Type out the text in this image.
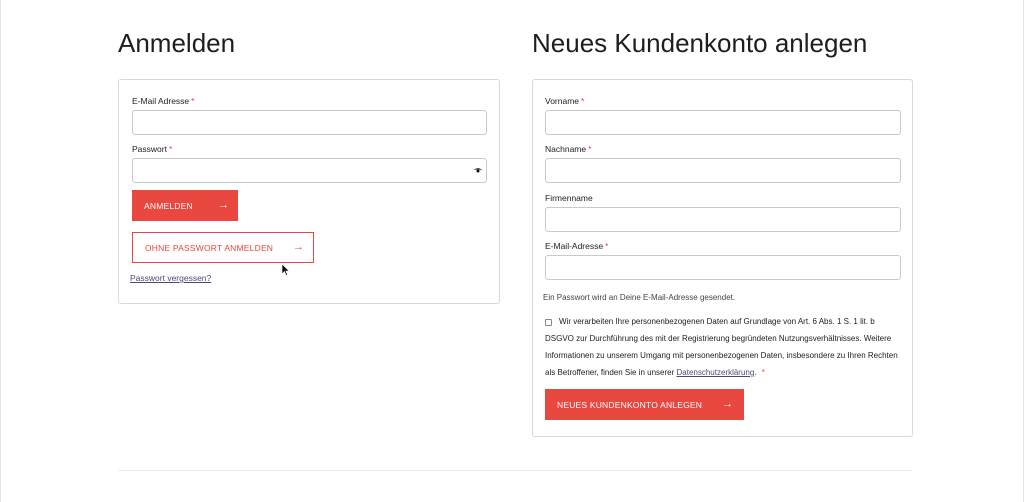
Anmelden
E-Mail Adresse *
Passwort *
ANMELDEN →
OHNE PASSWORT ANMELDEN →
Passwort vergessen?
Neues Kundenkonto anlegen
Vorname *
Nachname *
Firmenname
E-Mail-Adresse *
Ein Passwort wird an Deine E-Mail-Adresse gesendet.
Wir verarbeiten Ihre personenbezogenen Daten auf Grundlage von Art. 6 Abs. 1 S. 1 lit. b DSGVO zur Durchführung des mit der Registrierung begründeten Nutzungsverhältnisses. Weitere Informationen zu unserem Umgang mit personenbezogenen Daten, insbesondere zu Ihren Rechten als Betroffener, finden Sie in unserer Datenschutzerklärung. *
NEUES KUNDENKONTO ANLEGEN →
